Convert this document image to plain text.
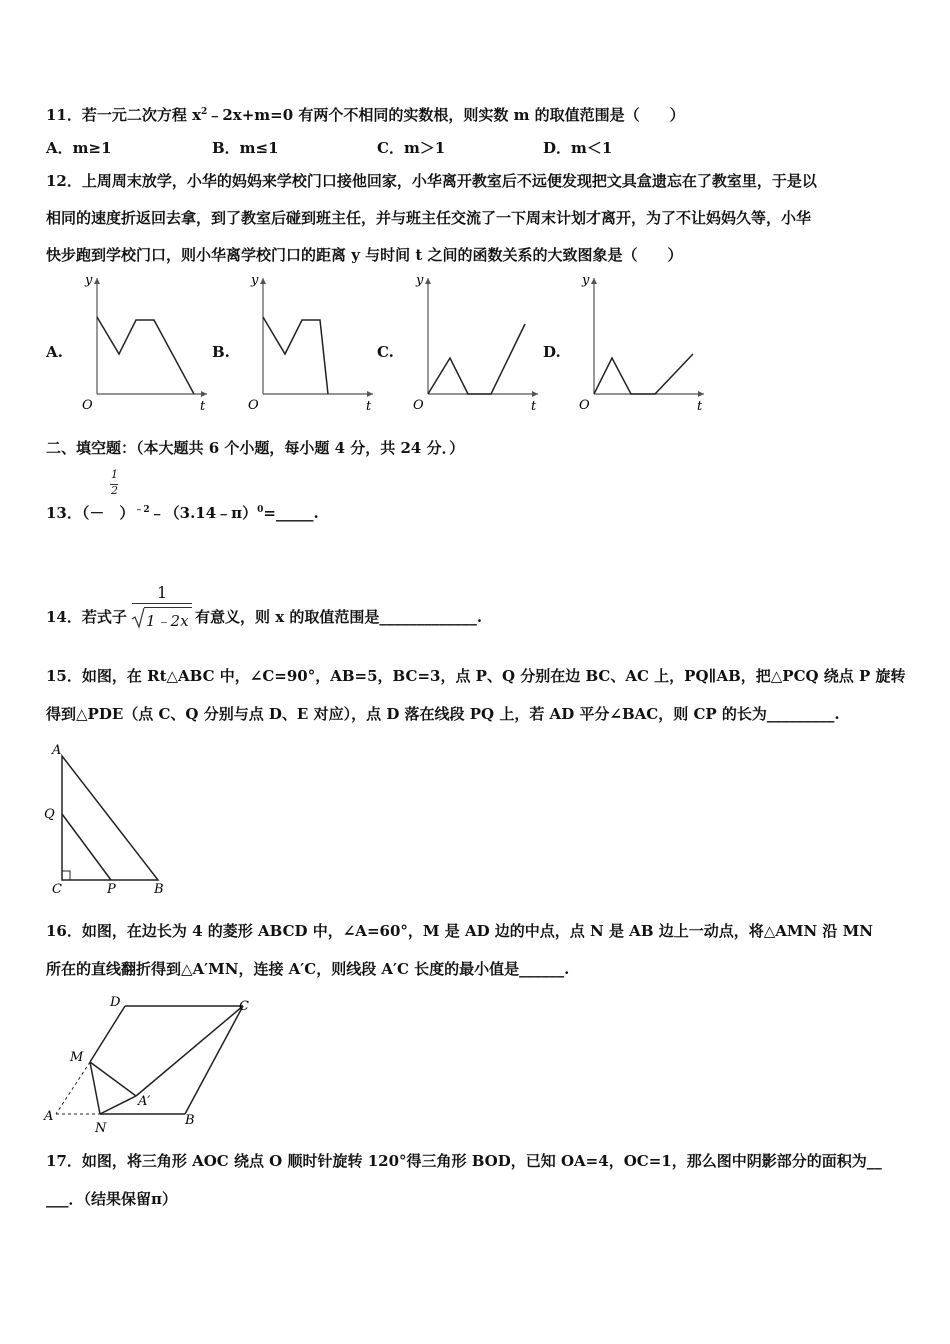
11．若一元二次方程 $x^2﹣2x+m=0$ 有两个不相同的实数根，则实数 m 的取值范围是（　　）
A．m≥1	B．m≤1	C．m＞1	D．m＜1
12．上周周末放学，小华的妈妈来学校门口接他回家，小华离开教室后不远便发现把文具盒遗忘在了教室里，于是以
相同的速度折返回去拿，到了教室后碰到班主任，并与班主任交流了一下周末计划才离开，为了不让妈妈久等，小华
快步跑到学校门口，则小华离学校门口的距离 y 与时间 t 之间的函数关系的大致图象是（　　）
A.	B.	C.	D.
y
O	t
y
O	t
y
O	t
y
O	t
二、填空题：（本大题共 6 个小题，每小题 4 分，共 24 分．）
1
2
13．（－　）$^{﹣2}$﹣（3.14﹣π）$^0$=_____.
14．若式子
1
1﹣2x 有意义，则 x 的取值范围是_____________.
15．如图，在 Rt△ABC 中，∠C=90°，AB=5，BC=3，点 P、Q 分别在边 BC、AC 上，PQ∥AB，把△PCQ 绕点 P 旋转
得到△PDE（点 C、Q 分别与点 D、E 对应），点 D 落在线段 PQ 上，若 AD 平分∠BAC，则 CP 的长为_________.
A
Q
C	P	B
16．如图，在边长为 4 的菱形 ABCD 中，∠A=60°，M 是 AD 边的中点，点 N 是 AB 边上一动点，将△AMN 沿 MN
所在的直线翻折得到△A′MN，连接 A′C，则线段 A′C 长度的最小值是______.
D	C
M
A′
A
N
B
17．如图，将三角形 AOC 绕点 O 顺时针旋转 120°得三角形 BOD，已知 OA=4，OC=1，那么图中阴影部分的面积为__
___．（结果保留π）
